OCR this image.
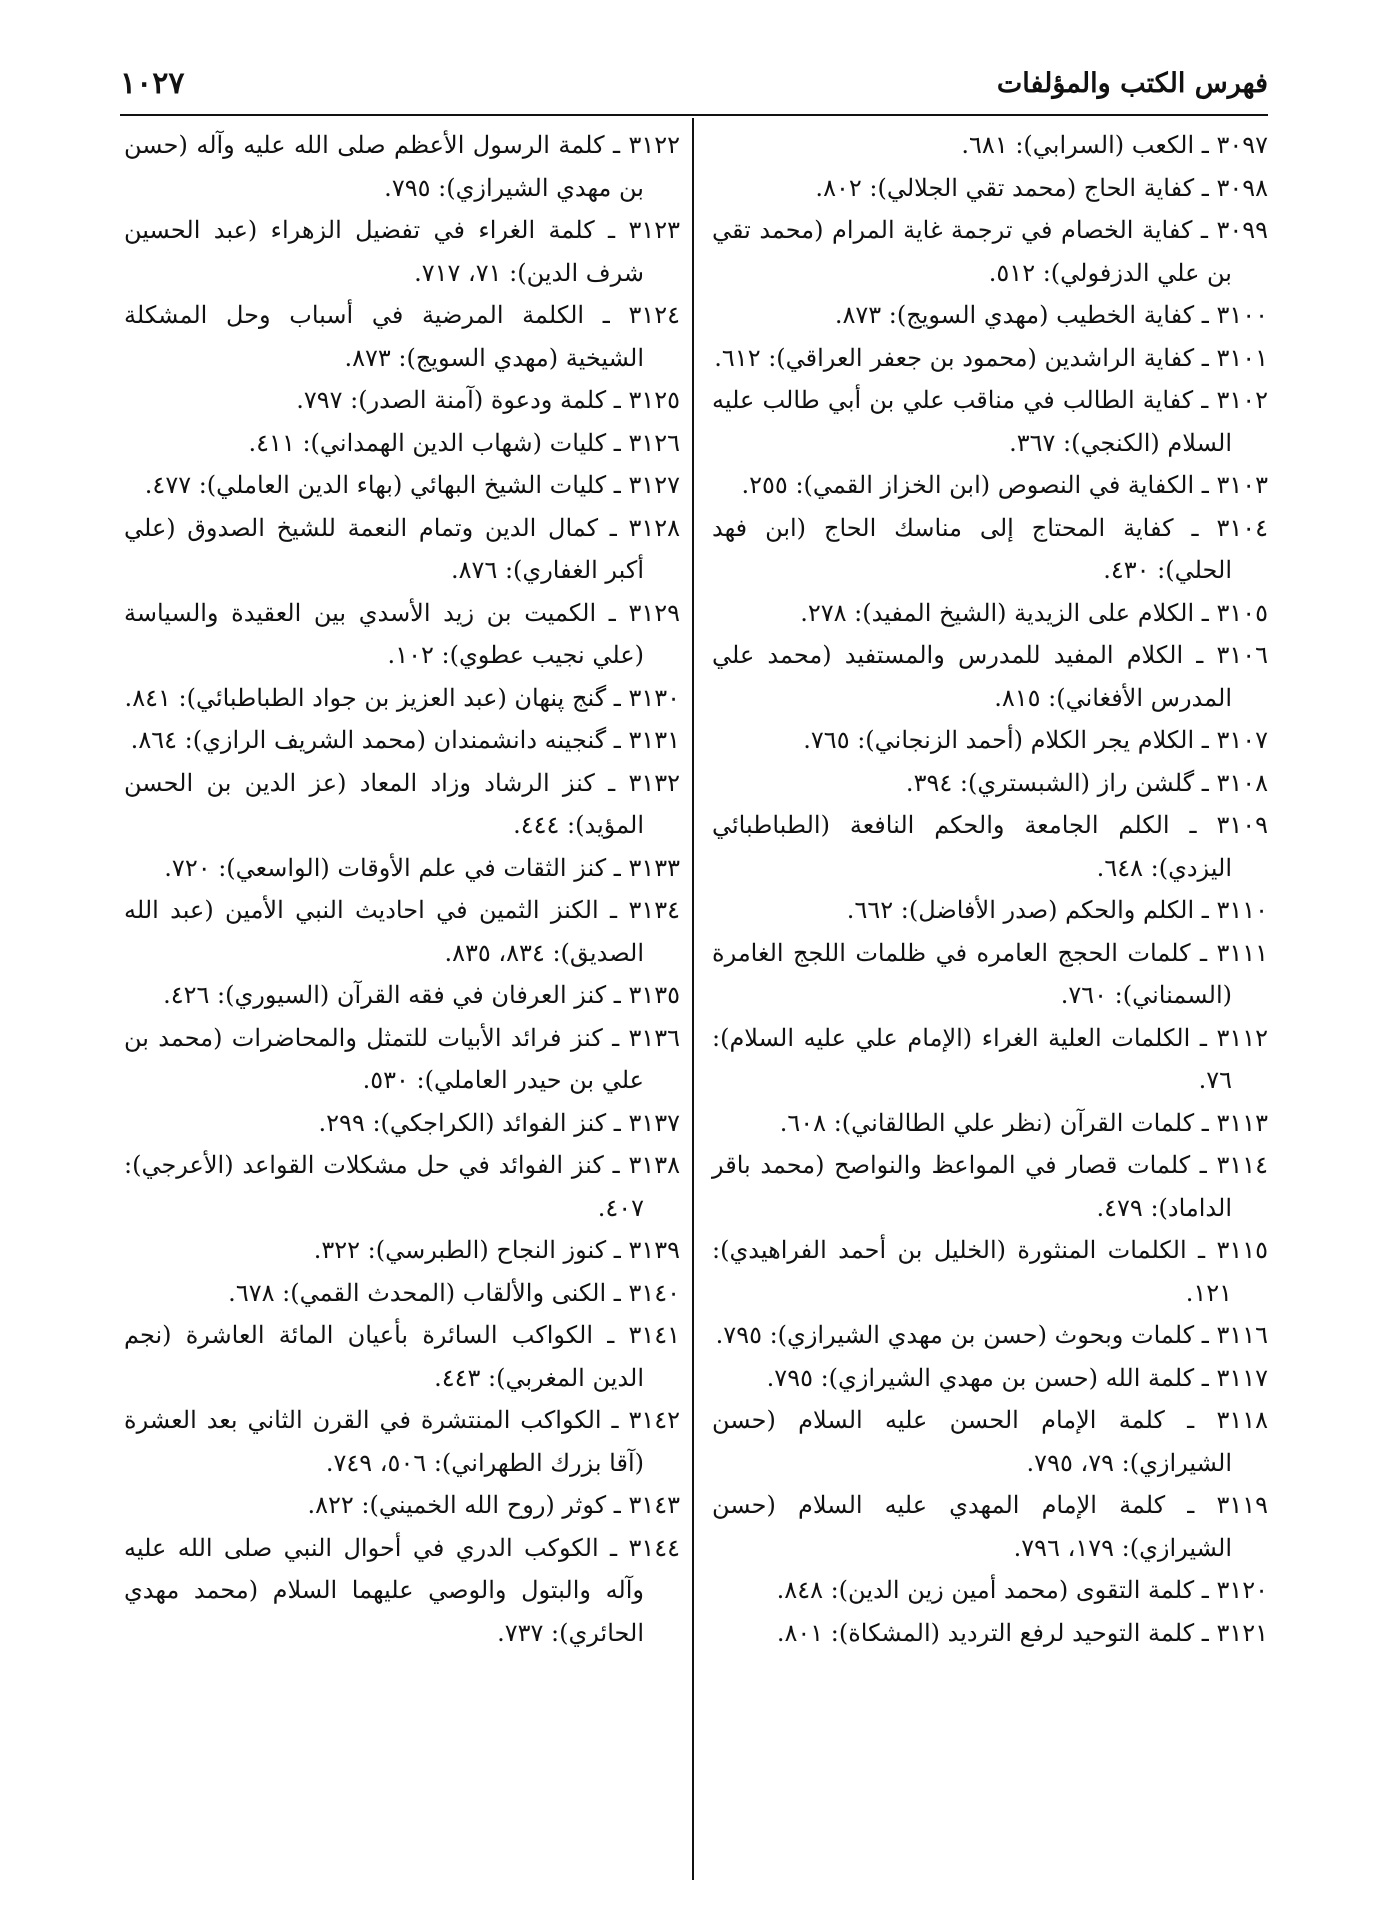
١٠٢٧	فهرس الكتب والمؤلفات

٣٠٩٧ ـ الكعب (السرابي): ٦٨١.

٣٠٩٨ ـ كفاية الحاج (محمد تقي الجلالي): ٨٠٢.

٣٠٩٩ ـ كفاية الخصام في ترجمة غاية المرام (محمد تقي بن علي الدزفولي): ٥١٢.

٣١٠٠ ـ كفاية الخطيب (مهدي السويج): ٨٧٣.

٣١٠١ ـ كفاية الراشدين (محمود بن جعفر العراقي): ٦١٢.

٣١٠٢ ـ كفاية الطالب في مناقب علي بن أبي طالب عليه السلام (الكنجي): ٣٦٧.

٣١٠٣ ـ الكفاية في النصوص (ابن الخزاز القمي): ٢٥٥.

٣١٠٤ ـ كفاية المحتاج إلى مناسك الحاج (ابن فهد الحلي): ٤٣٠.

٣١٠٥ ـ الكلام على الزيدية (الشيخ المفيد): ٢٧٨.

٣١٠٦ ـ الكلام المفيد للمدرس والمستفيد (محمد علي المدرس الأفغاني): ٨١٥.

٣١٠٧ ـ الكلام يجر الكلام (أحمد الزنجاني): ٧٦٥.

٣١٠٨ ـ گلشن راز (الشبستري): ٣٩٤.

٣١٠٩ ـ الكلم الجامعة والحكم النافعة (الطباطبائي اليزدي): ٦٤٨.

٣١١٠ ـ الكلم والحكم (صدر الأفاضل): ٦٦٢.

٣١١١ ـ كلمات الحجج العامره في ظلمات اللجج الغامرة (السمناني): ٧٦٠.

٣١١٢ ـ الكلمات العلية الغراء (الإمام علي عليه السلام): ٧٦.

٣١١٣ ـ كلمات القرآن (نظر علي الطالقاني): ٦٠٨.

٣١١٤ ـ كلمات قصار في المواعظ والنواصح (محمد باقر الداماد): ٤٧٩.

٣١١٥ ـ الكلمات المنثورة (الخليل بن أحمد الفراهيدي): ١٢١.

٣١١٦ ـ كلمات وبحوث (حسن بن مهدي الشيرازي): ٧٩٥.

٣١١٧ ـ كلمة الله (حسن بن مهدي الشيرازي): ٧٩٥.

٣١١٨ ـ كلمة الإمام الحسن عليه السلام (حسن الشيرازي): ٧٩، ٧٩٥.

٣١١٩ ـ كلمة الإمام المهدي عليه السلام (حسن الشيرازي): ١٧٩، ٧٩٦.

٣١٢٠ ـ كلمة التقوى (محمد أمين زين الدين): ٨٤٨.

٣١٢١ ـ كلمة التوحيد لرفع الترديد (المشكاة): ٨٠١.

٣١٢٢ ـ كلمة الرسول الأعظم صلى الله عليه وآله (حسن بن مهدي الشيرازي): ٧٩٥.

٣١٢٣ ـ كلمة الغراء في تفضيل الزهراء (عبد الحسين شرف الدين): ٧١، ٧١٧.

٣١٢٤ ـ الكلمة المرضية في أسباب وحل المشكلة الشيخية (مهدي السويج): ٨٧٣.

٣١٢٥ ـ كلمة ودعوة (آمنة الصدر): ٧٩٧.

٣١٢٦ ـ كليات (شهاب الدين الهمداني): ٤١١.

٣١٢٧ ـ كليات الشيخ البهائي (بهاء الدين العاملي): ٤٧٧.

٣١٢٨ ـ كمال الدين وتمام النعمة للشيخ الصدوق (علي أكبر الغفاري): ٨٧٦.

٣١٢٩ ـ الكميت بن زيد الأسدي بين العقيدة والسياسة (علي نجيب عطوي): ١٠٢.

٣١٣٠ ـ گنج پنهان (عبد العزيز بن جواد الطباطبائي): ٨٤١.

٣١٣١ ـ گنجينه دانشمندان (محمد الشريف الرازي): ٨٦٤.

٣١٣٢ ـ كنز الرشاد وزاد المعاد (عز الدين بن الحسن المؤيد): ٤٤٤.

٣١٣٣ ـ كنز الثقات في علم الأوقات (الواسعي): ٧٢٠.

٣١٣٤ ـ الكنز الثمين في احاديث النبي الأمين (عبد الله الصديق): ٨٣٤، ٨٣٥.

٣١٣٥ ـ كنز العرفان في فقه القرآن (السيوري): ٤٢٦.

٣١٣٦ ـ كنز فرائد الأبيات للتمثل والمحاضرات (محمد بن علي بن حيدر العاملي): ٥٣٠.

٣١٣٧ ـ كنز الفوائد (الكراجكي): ٢٩٩.

٣١٣٨ ـ كنز الفوائد في حل مشكلات القواعد (الأعرجي): ٤٠٧.

٣١٣٩ ـ كنوز النجاح (الطبرسي): ٣٢٢.

٣١٤٠ ـ الكنى والألقاب (المحدث القمي): ٦٧٨.

٣١٤١ ـ الكواكب السائرة بأعيان المائة العاشرة (نجم الدين المغربي): ٤٤٣.

٣١٤٢ ـ الكواكب المنتشرة في القرن الثاني بعد العشرة (آقا بزرك الطهراني): ٥٠٦، ٧٤٩.

٣١٤٣ ـ كوثر (روح الله الخميني): ٨٢٢.

٣١٤٤ ـ الكوكب الدري في أحوال النبي صلى الله عليه وآله والبتول والوصي عليهما السلام (محمد مهدي الحائري): ٧٣٧.
